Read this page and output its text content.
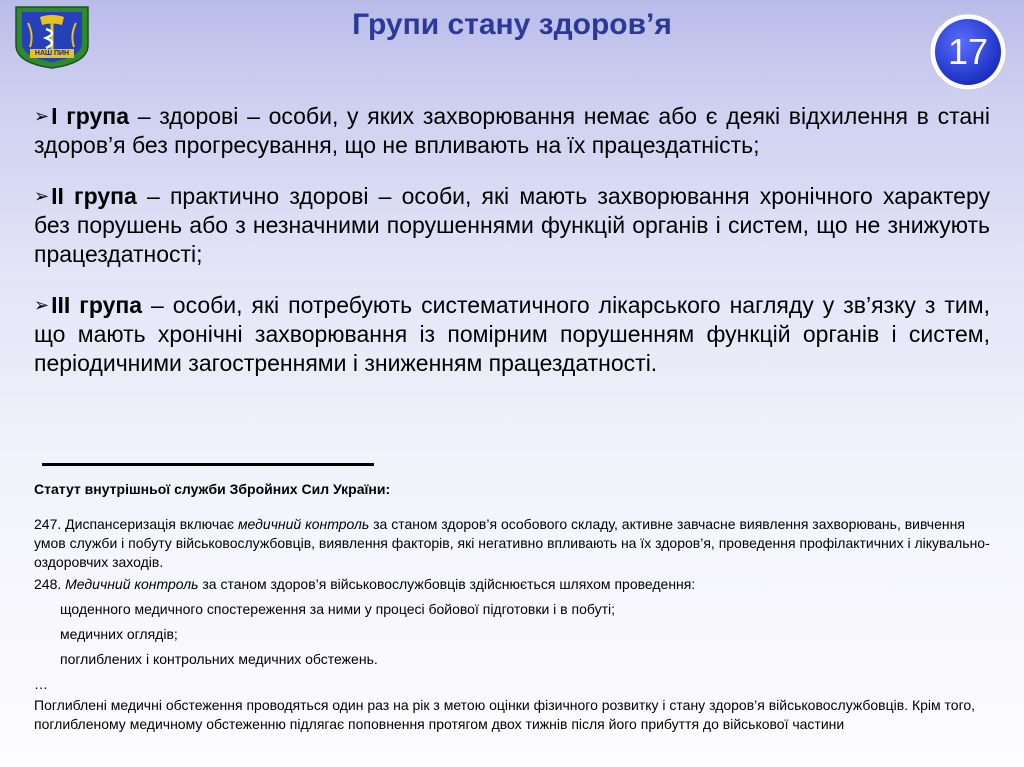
НАШ ПИН
Групи стану здоров’я
17

➢I група – здорові – особи, у яких захворювання немає або є деякі відхилення в стані здоров’я без прогресування, що не впливають на їх працездатність;

➢II група – практично здорові – особи, які мають захворювання хронічного характеру без порушень або з незначними порушеннями функцій органів і систем, що не знижують працездатності;

➢III група – особи, які потребують систематичного лікарського нагляду у зв’язку з тим, що мають хронічні захворювання із помірним порушенням функцій органів і систем, періодичними загостреннями і зниженням працездатності.

Статут внутрішньої служби Збройних Сил України:

247. Диспансеризація включає медичний контроль за станом здоров’я особового складу, активне завчасне виявлення захворювань, вивчення умов служби і побуту військовослужбовців, виявлення факторів, які негативно впливають на їх здоров’я, проведення профілактичних і лікувально-оздоровчих заходів.

248. Медичний контроль за станом здоров’я військовослужбовців здійснюється шляхом проведення:

щоденного медичного спостереження за ними у процесі бойової підготовки і в побуті;

медичних оглядів;

поглиблених і контрольних медичних обстежень.

…

Поглиблені медичні обстеження проводяться один раз на рік з метою оцінки фізичного розвитку і стану здоров’я військовослужбовців. Крім того, поглибленому медичному обстеженню підлягає поповнення протягом двох тижнів після його прибуття до військової частини
